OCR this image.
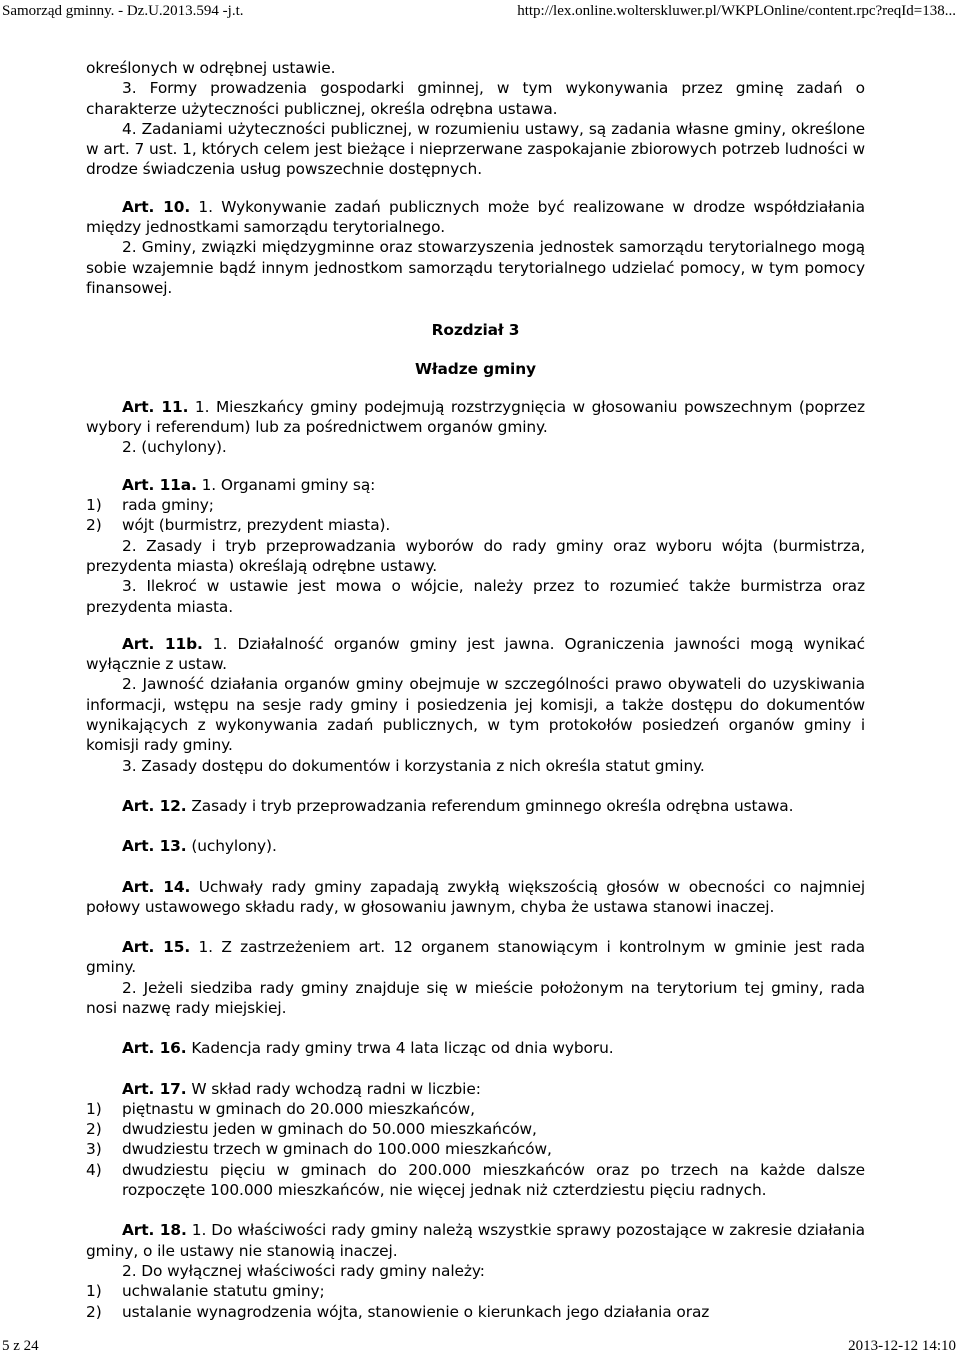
Samorząd gminny. - Dz.U.2013.594 -j.t.	http://lex.online.wolterskluwer.pl/WKPLOnline/content.rpc?reqId=138...

określonych w odrębnej ustawie.

3. Formy prowadzenia gospodarki gminnej, w tym wykonywania przez gminę zadań o charakterze użyteczności publicznej, określa odrębna ustawa.

4. Zadaniami użyteczności publicznej, w rozumieniu ustawy, są zadania własne gminy, określone w art. 7 ust. 1, których celem jest bieżące i nieprzerwane zaspokajanie zbiorowych potrzeb ludności w drodze świadczenia usług powszechnie dostępnych.

Art. 10. 1. Wykonywanie zadań publicznych może być realizowane w drodze współdziałania między jednostkami samorządu terytorialnego.

2. Gminy, związki międzygminne oraz stowarzyszenia jednostek samorządu terytorialnego mogą sobie wzajemnie bądź innym jednostkom samorządu terytorialnego udzielać pomocy, w tym pomocy finansowej.

Rozdział 3

Władze gminy

Art. 11. 1. Mieszkańcy gminy podejmują rozstrzygnięcia w głosowaniu powszechnym (poprzez wybory i referendum) lub za pośrednictwem organów gminy.

2. (uchylony).

Art. 11a. 1. Organami gminy są:

1) rada gminy;

2) wójt (burmistrz, prezydent miasta).

2. Zasady i tryb przeprowadzania wyborów do rady gminy oraz wyboru wójta (burmistrza, prezydenta miasta) określają odrębne ustawy.

3. Ilekroć w ustawie jest mowa o wójcie, należy przez to rozumieć także burmistrza oraz prezydenta miasta.

Art. 11b. 1. Działalność organów gminy jest jawna. Ograniczenia jawności mogą wynikać wyłącznie z ustaw.

2. Jawność działania organów gminy obejmuje w szczególności prawo obywateli do uzyskiwania informacji, wstępu na sesje rady gminy i posiedzenia jej komisji, a także dostępu do dokumentów wynikających z wykonywania zadań publicznych, w tym protokołów posiedzeń organów gminy i komisji rady gminy.

3. Zasady dostępu do dokumentów i korzystania z nich określa statut gminy.

Art. 12. Zasady i tryb przeprowadzania referendum gminnego określa odrębna ustawa.

Art. 13. (uchylony).

Art. 14. Uchwały rady gminy zapadają zwykłą większością głosów w obecności co najmniej połowy ustawowego składu rady, w głosowaniu jawnym, chyba że ustawa stanowi inaczej.

Art. 15. 1. Z zastrzeżeniem art. 12 organem stanowiącym i kontrolnym w gminie jest rada gminy.

2. Jeżeli siedziba rady gminy znajduje się w mieście położonym na terytorium tej gminy, rada nosi nazwę rady miejskiej.

Art. 16. Kadencja rady gminy trwa 4 lata licząc od dnia wyboru.

Art. 17. W skład rady wchodzą radni w liczbie:

1) piętnastu w gminach do 20.000 mieszkańców,

2) dwudziestu jeden w gminach do 50.000 mieszkańców,

3) dwudziestu trzech w gminach do 100.000 mieszkańców,

4) dwudziestu pięciu w gminach do 200.000 mieszkańców oraz po trzech na każde dalsze rozpoczęte 100.000 mieszkańców, nie więcej jednak niż czterdziestu pięciu radnych.

Art. 18. 1. Do właściwości rady gminy należą wszystkie sprawy pozostające w zakresie działania gminy, o ile ustawy nie stanowią inaczej.

2. Do wyłącznej właściwości rady gminy należy:

1) uchwalanie statutu gminy;

2) ustalanie wynagrodzenia wójta, stanowienie o kierunkach jego działania oraz

5 z 24	2013-12-12 14:10
